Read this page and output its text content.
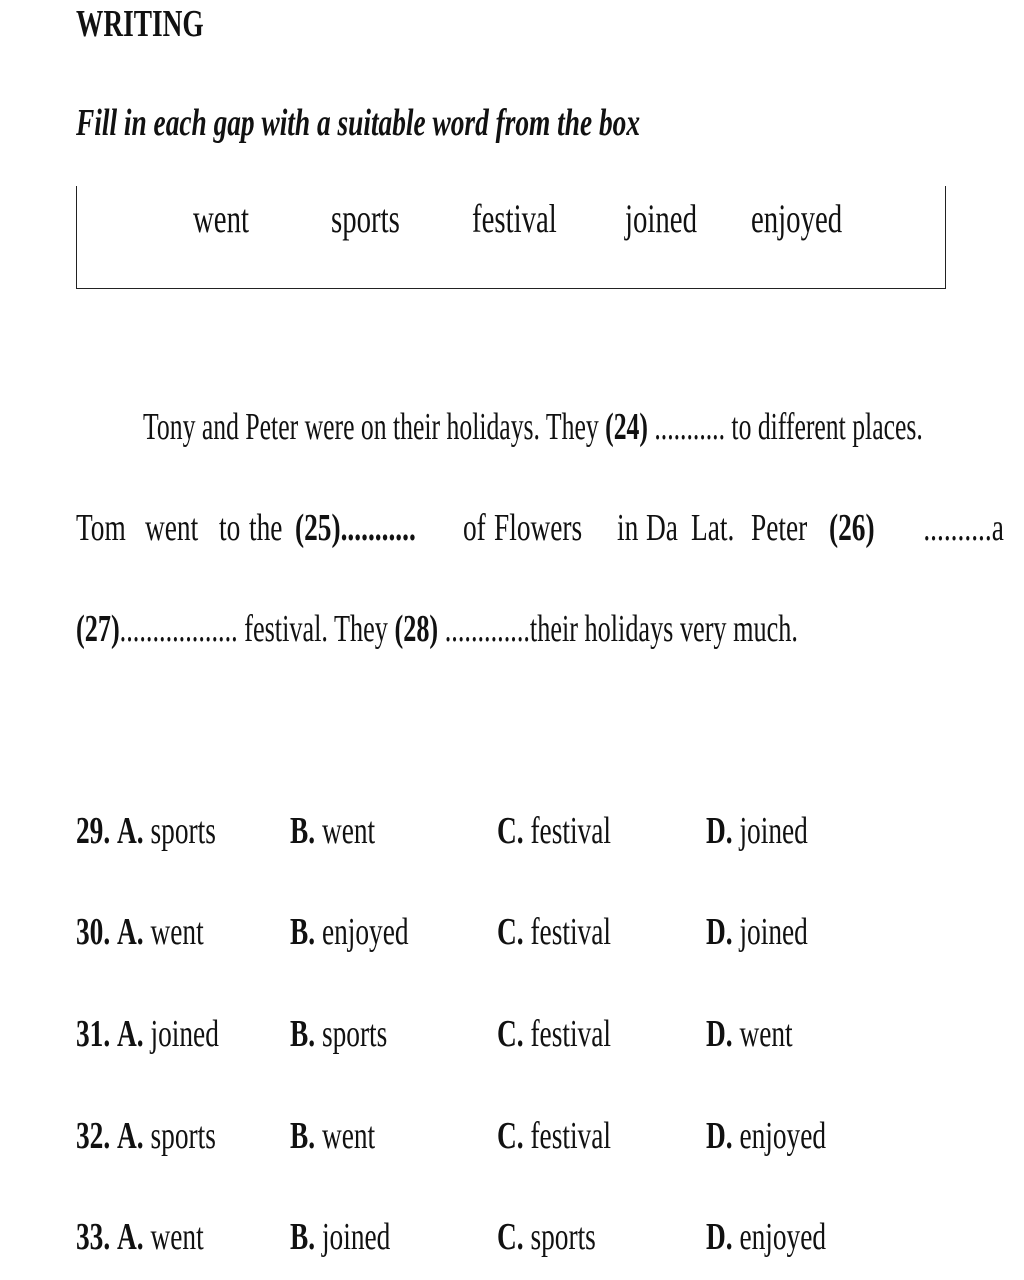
WRITING
Fill in each gap with a suitable word from the box
went	sports	festival	joined	enjoyed
Tony and Peter were on their holidays. They (24) ........... to different places.
Tom went to the (25)........... of Flowers in Da Lat. Peter (26) ..........a
(27).................. festival. They (28) .............their holidays very much.
29. A. sports	B. went	C. festival	D. joined
30. A. went	B. enjoyed	C. festival	D. joined
31. A. joined	B. sports	C. festival	D. went
32. A. sports	B. went	C. festival	D. enjoyed
33. A. went	B. joined	C. sports	D. enjoyed
